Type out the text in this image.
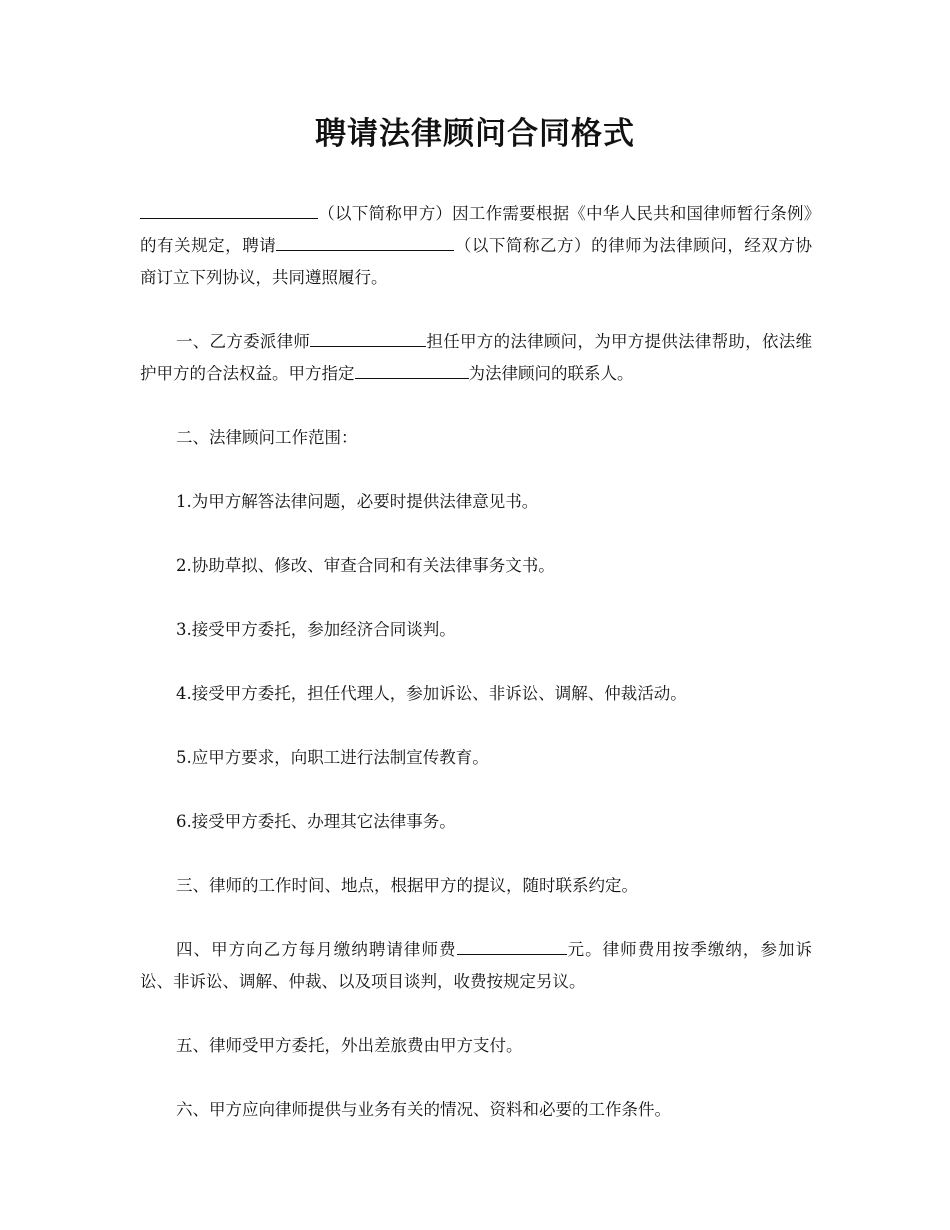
聘请法律顾问合同格式
（以下简称甲方）因工作需要根据《中华人民共和国律师暂行条例》的有关规定，聘请	（以下简称乙方）的律师为法律顾问，经双方协商订立下列协议，共同遵照履行。
一、乙方委派律师	担任甲方的法律顾问，为甲方提供法律帮助，依法维护甲方的合法权益。甲方指定	为法律顾问的联系人。
二、法律顾问工作范围：
1.为甲方解答法律问题，必要时提供法律意见书。
2.协助草拟、修改、审查合同和有关法律事务文书。
3.接受甲方委托，参加经济合同谈判。
4.接受甲方委托，担任代理人，参加诉讼、非诉讼、调解、仲裁活动。
5.应甲方要求，向职工进行法制宣传教育。
6.接受甲方委托、办理其它法律事务。
三、律师的工作时间、地点，根据甲方的提议，随时联系约定。
四、甲方向乙方每月缴纳聘请律师费	元。律师费用按季缴纳，参加诉讼、非诉讼、调解、仲裁、以及项目谈判，收费按规定另议。
五、律师受甲方委托，外出差旅费由甲方支付。
六、甲方应向律师提供与业务有关的情况、资料和必要的工作条件。
